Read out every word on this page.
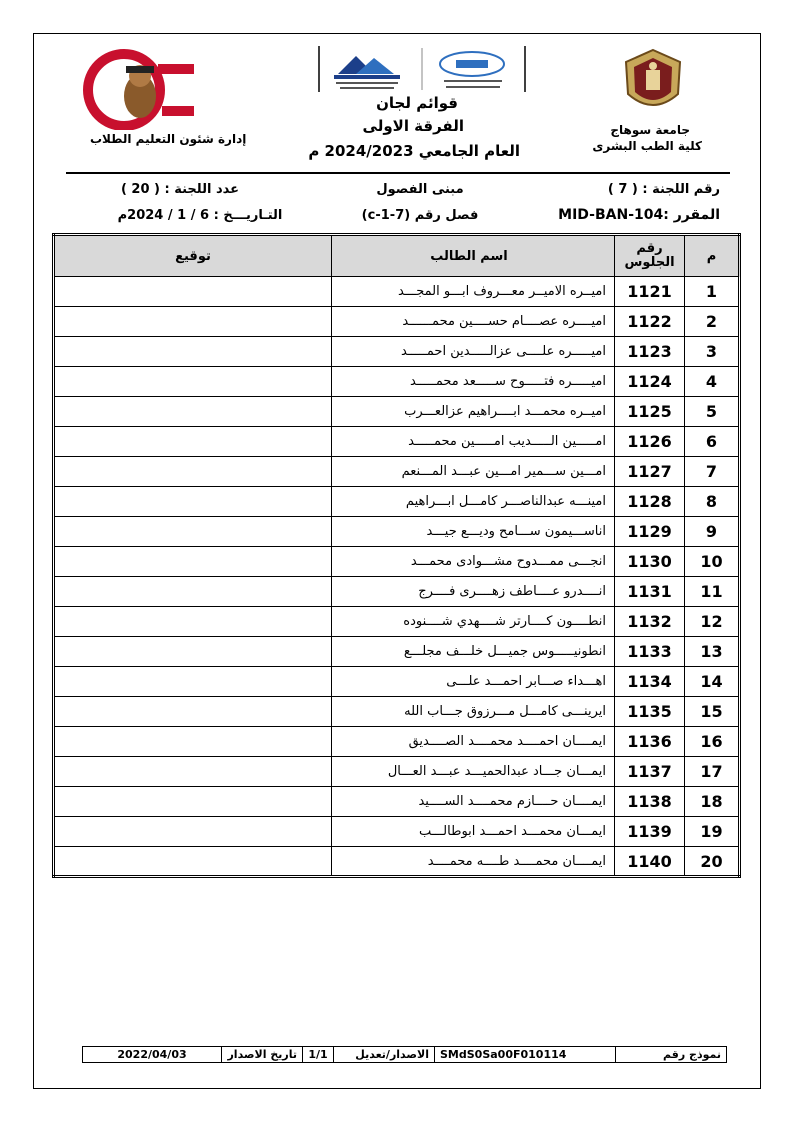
إدارة شئون التعليم الطلاب
قوائم لجان
الفرقة الاولى
العام الجامعي 2024/2023 م
جامعة سوهاج
كلية الطب البشرى
رقم اللجنة : ( 7 )
مبنى الفصول
عدد اللجنة : ( 20 )
المقرر :MID-BAN-104
فصل رقم (7-1-c)
التـاريـــخ : 6 / 1 / 2024م
م	رقم الجلوس	اسم الطالب	توقيع
1	1121	اميــره الاميــر معـــروف ابـــو المجـــد	
2	1122	اميــــره عصــــام حســــين محمــــــد	
3	1123	اميـــــره علــــى عزالـــــدين احمـــــد	
4	1124	اميـــــره فتـــــوح ســـــعد محمـــــد	
5	1125	اميــره محمـــد ابــــراهيم عزالعـــرب	
6	1126	امـــــين الـــــديب امـــــين محمـــــد	
7	1127	امـــين ســـمير امـــين عبـــد المـــنعم	
8	1128	امينـــه عبدالناصـــر كامـــل ابـــراهيم	
9	1129	اناســـيمون ســـامح وديـــع جيـــد	
10	1130	انجـــى ممـــدوح مشـــوادى محمـــد	
11	1131	انــــدرو عــــاطف زهــــرى فــــرج	
12	1132	انطــــون كــــارتر شــــهدي شــــنوده	
13	1133	انطونيـــــوس جميـــل خلـــف مجلـــع	
14	1134	اهـــداء صـــابر احمـــد علـــى	
15	1135	ايرينـــى كامـــل مـــرزوق جـــاب الله	
16	1136	ايمــــان احمــــد محمــــد الصــــديق	
17	1137	ايمـــان جـــاد عبدالحميـــد عبـــد العـــال	
18	1138	ايمــــان حــــازم محمــــد الســــيد	
19	1139	ايمـــان محمـــد احمـــد ابوطالـــب	
20	1140	ايمــــان محمــــد طــــه محمــــد	
نموذج رقم	SMdS0Sa00F010114	الاصدار/تعديل	1/1	تاريخ الاصدار	2022/04/03
